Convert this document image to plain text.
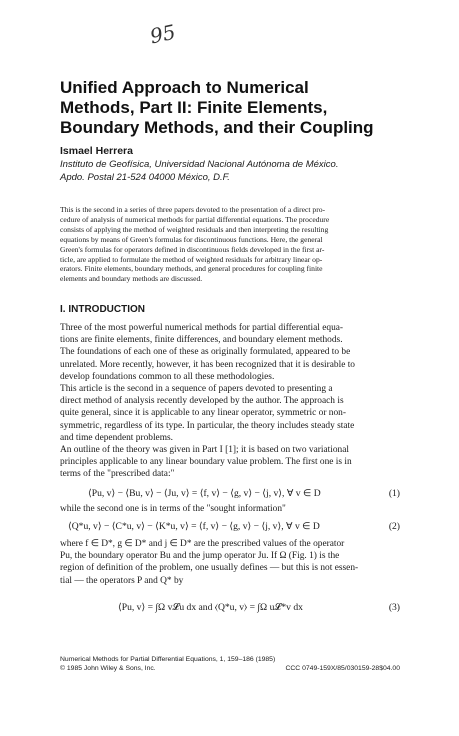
95
Unified Approach to Numerical
Methods, Part II: Finite Elements,
Boundary Methods, and their Coupling
Ismael Herrera
Instituto de Geofísica, Universidad Nacional Autónoma de México.
Apdo. Postal 21-524 04000 México, D.F.
This is the second in a series of three papers devoted to the presentation of a direct pro-
cedure of analysis of numerical methods for partial differential equations. The procedure
consists of applying the method of weighted residuals and then interpreting the resulting
equations by means of Green's formulas for discontinuous functions. Here, the general
Green's formulas for operators defined in discontinuous fields developed in the first ar-
ticle, are applied to formulate the method of weighted residuals for arbitrary linear op-
erators. Finite elements, boundary methods, and general procedures for coupling finite
elements and boundary methods are discussed.
I. INTRODUCTION
Three of the most powerful numerical methods for partial differential equa-
tions are finite elements, finite differences, and boundary element methods.
The foundations of each one of these as originally formulated, appeared to be
unrelated. More recently, however, it has been recognized that it is desirable to
develop foundations common to all these methodologies.
This article is the second in a sequence of papers devoted to presenting a
direct method of analysis recently developed by the author. The approach is
quite general, since it is applicable to any linear operator, symmetric or non-
symmetric, regardless of its type. In particular, the theory includes steady state
and time dependent problems.
An outline of the theory was given in Part I [1]; it is based on two variational
principles applicable to any linear boundary value problem. The first one is in
terms of the "prescribed data:"
⟨Pu, v⟩ − ⟨Bu, v⟩ − ⟨Ju, v⟩ = ⟨f, v⟩ − ⟨g, v⟩ − ⟨j, v⟩, ∀ v ∈ D	(1)
while the second one is in terms of the "sought information"
⟨Q*u, v⟩ − ⟨C*u, v⟩ − ⟨K*u, v⟩ = ⟨f, v⟩ − ⟨g, v⟩ − ⟨j, v⟩, ∀ v ∈ D	(2)
where f ∈ D*, g ∈ D* and j ∈ D* are the prescribed values of the operator
Pu, the boundary operator Bu and the jump operator Ju. If Ω (Fig. 1) is the
region of definition of the problem, one usually defines — but this is not essen-
tial — the operators P and Q* by
⟨Pu, v⟩ = ∫Ω v𝓛u dx and ⟨Q*u, v⟩ = ∫Ω u𝓛*v dx	(3)
Numerical Methods for Partial Differential Equations, 1, 159–186 (1985)
© 1985 John Wiley & Sons, Inc.	CCC 0749-159X/85/030159-28$04.00
